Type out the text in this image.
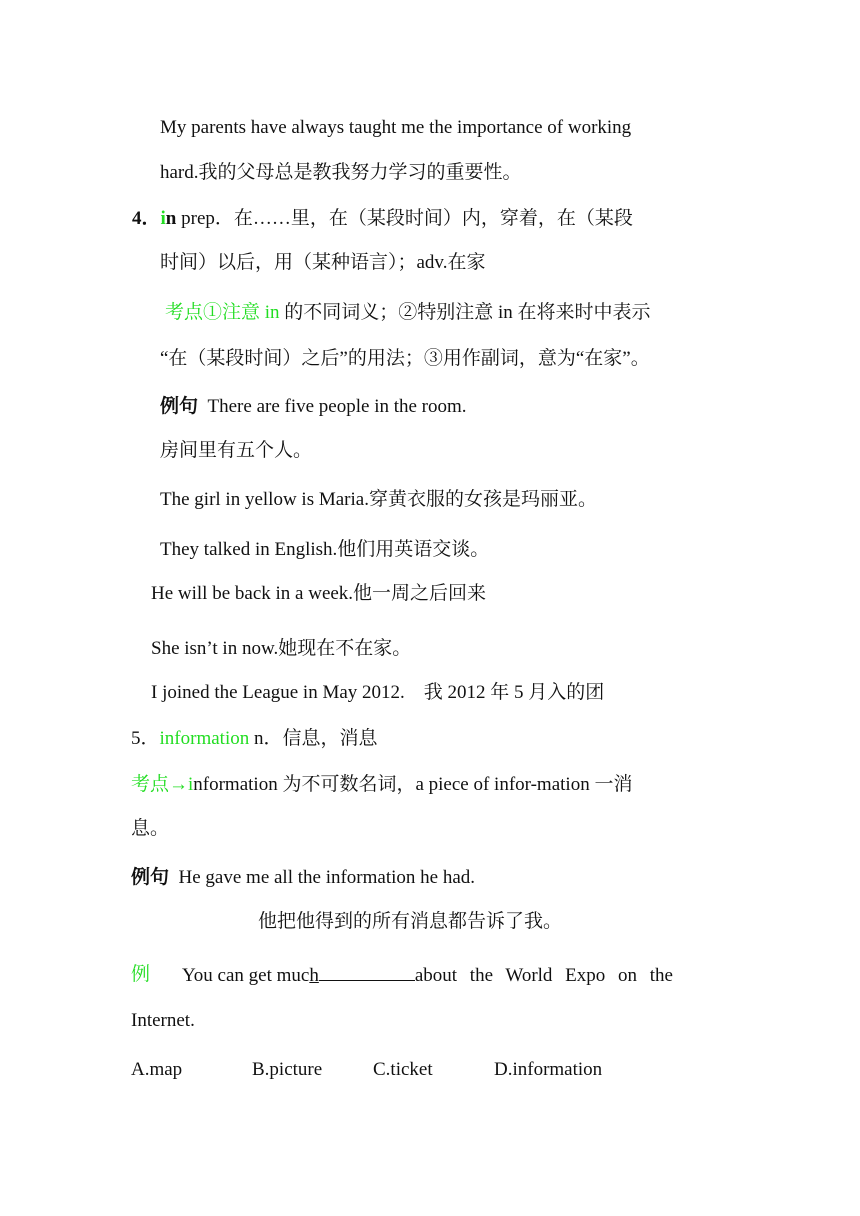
My parents have always taught me the importance of working
hard.我的父母总是教我努力学习的重要性。
4．in prep．在……里，在（某段时间）内，穿着，在（某段
时间）以后，用（某种语言）；adv.在家
考点①注意 in 的不同词义；②特别注意 in 在将来时中表示
“在（某段时间）之后”的用法；③用作副词，意为“在家”。
例句 There are five people in the room.
房间里有五个人。
The girl in yellow is Maria.穿黄衣服的女孩是玛丽亚。
They talked in English.他们用英语交谈。
He will be back in a week.他一周之后回来
She isn’t in now.她现在不在家。
I joined the League in May 2012.　我 2012 年 5 月入的团
5．information n．信息，消息
考点→information 为不可数名词，a piece of infor-mation 一消
息。
例句 He gave me all the information he had.
他把他得到的所有消息都告诉了我。
例 You can get much	about the World Expo on the
Internet.
A.map	B.picture	C.ticket	D.information
